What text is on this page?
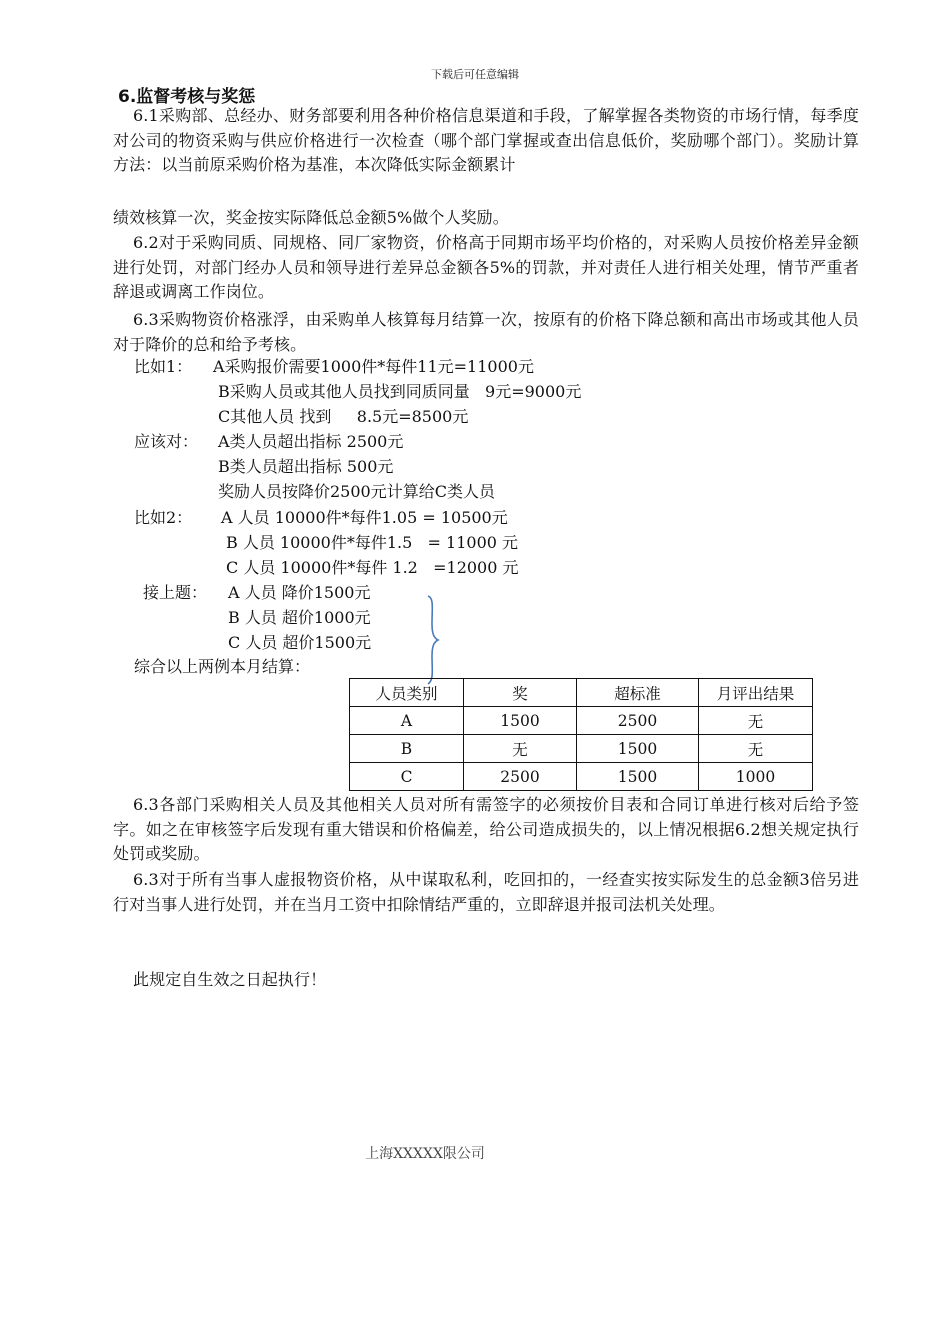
下载后可任意编辑
6.监督考核与奖惩

6.1采购部、总经办、财务部要利用各种价格信息渠道和手段，了解掌握各类物资的市场行情，每季度对公司的物资采购与供应价格进行一次检查（哪个部门掌握或查出信息低价，奖励哪个部门）。奖励计算方法：以当前原采购价格为基准，本次降低实际金额累计

绩效核算一次，奖金按实际降低总金额5%做个人奖励。

6.2对于采购同质、同规格、同厂家物资，价格高于同期市场平均价格的，对采购人员按价格差异金额进行处罚，对部门经办人员和领导进行差异总金额各5%的罚款，并对责任人进行相关处理，情节严重者辞退或调离工作岗位。

6.3采购物资价格涨浮，由采购单人核算每月结算一次，按原有的价格下降总额和高出市场或其他人员对于降价的总和给予考核。

比如1： A采购报价需要1000件*每件11元=11000元
B采购人员或其他人员找到同质同量   9元=9000元
C其他人员 找到     8.5元=8500元
应该对： A类人员超出指标 2500元
B类人员超出指标 500元
奖励人员按降价2500元计算给C类人员
比如2： A 人员 10000件*每件1.05 = 10500元
B 人员 10000件*每件1.5   = 11000 元
C 人员 10000件*每件 1.2   =12000 元
接上题： A 人员 降价1500元
B 人员 超价1000元
C 人员 超价1500元
综合以上两例本月结算：
人员类别	奖	超标准	月评出结果
A	1500	2500	无
B	无	1500	无
C	2500	1500	1000

6.3各部门采购相关人员及其他相关人员对所有需签字的必须按价目表和合同订单进行核对后给予签字。如之在审核签字后发现有重大错误和价格偏差，给公司造成损失的，以上情况根据6.2想关规定执行处罚或奖励。

6.3对于所有当事人虚报物资价格，从中谋取私利，吃回扣的，一经查实按实际发生的总金额3倍另进行对当事人进行处罚，并在当月工资中扣除情结严重的，立即辞退并报司法机关处理。

此规定自生效之日起执行！

上海XXXXX限公司
